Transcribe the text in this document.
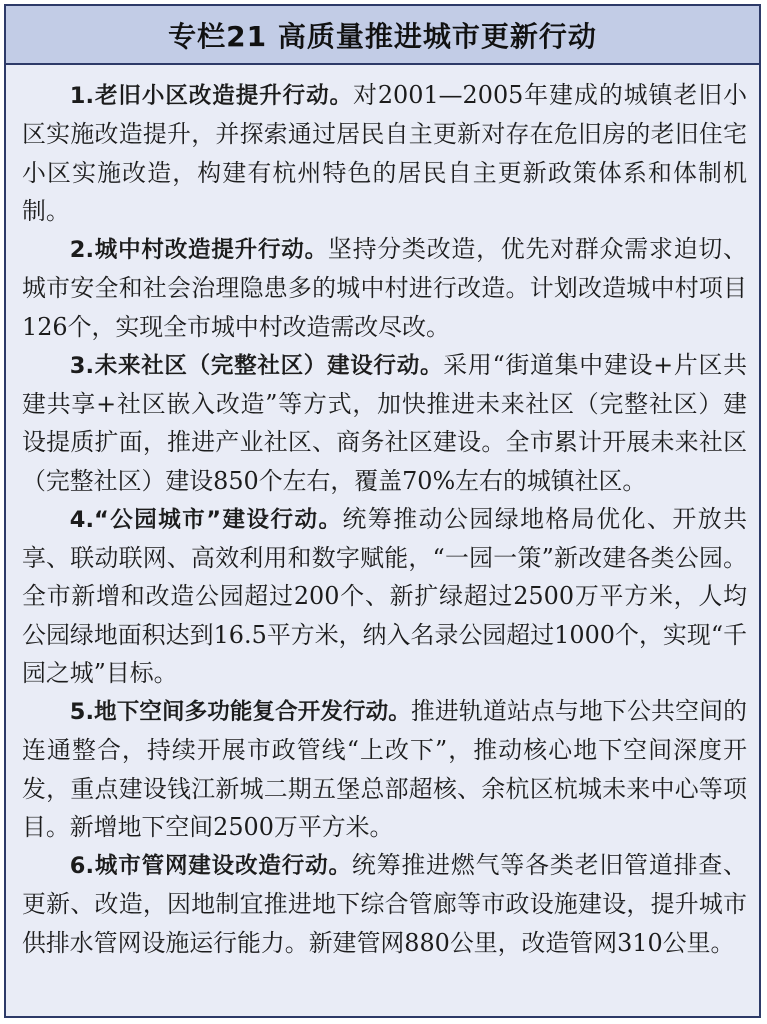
专栏21 高质量推进城市更新行动

1.老旧小区改造提升行动。对2001—2005年建成的城镇老旧小区实施改造提升，并探索通过居民自主更新对存在危旧房的老旧住宅小区实施改造，构建有杭州特色的居民自主更新政策体系和体制机制。

2.城中村改造提升行动。坚持分类改造，优先对群众需求迫切、城市安全和社会治理隐患多的城中村进行改造。计划改造城中村项目126个，实现全市城中村改造需改尽改。

3.未来社区（完整社区）建设行动。采用“街道集中建设+片区共建共享+社区嵌入改造”等方式，加快推进未来社区（完整社区）建设提质扩面，推进产业社区、商务社区建设。全市累计开展未来社区（完整社区）建设850个左右，覆盖70%左右的城镇社区。

4.“公园城市”建设行动。统筹推动公园绿地格局优化、开放共享、联动联网、高效利用和数字赋能，“一园一策”新改建各类公园。全市新增和改造公园超过200个、新扩绿超过2500万平方米，人均公园绿地面积达到16.5平方米，纳入名录公园超过1000个，实现“千园之城”目标。

5.地下空间多功能复合开发行动。推进轨道站点与地下公共空间的连通整合，持续开展市政管线“上改下”，推动核心地下空间深度开发，重点建设钱江新城二期五堡总部超核、余杭区杭城未来中心等项目。新增地下空间2500万平方米。

6.城市管网建设改造行动。统筹推进燃气等各类老旧管道排查、更新、改造，因地制宜推进地下综合管廊等市政设施建设，提升城市供排水管网设施运行能力。新建管网880公里，改造管网310公里。
